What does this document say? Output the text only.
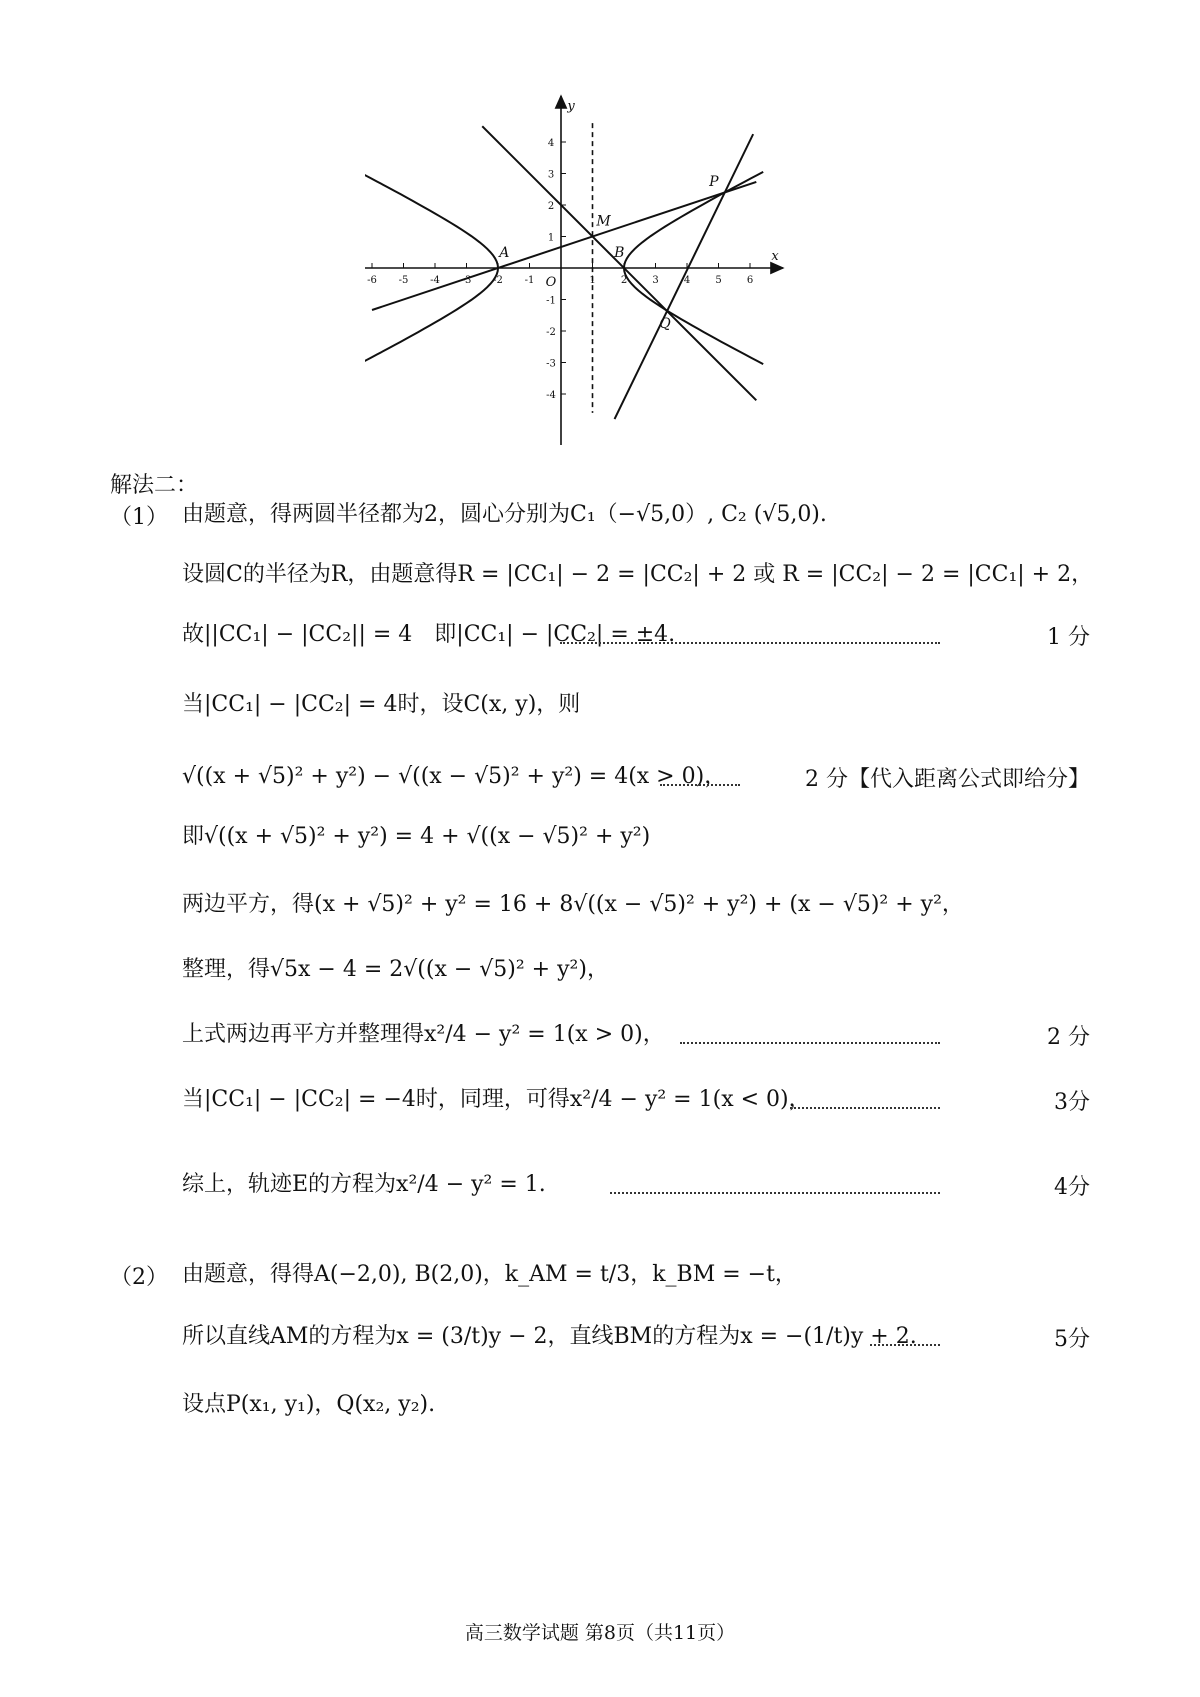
-6 -5 -4 -3 -2 -1	1	2	3	4	5	6
4
3
2
1
-1
-2
-3
-4
x
y
O
A	B
M
P
Q
解法二：
（1） 由题意，得两圆半径都为2，圆心分别为C₁（−√5,0）, C₂ (√5,0).
设圆C的半径为R，由题意得R = |CC₁| − 2 = |CC₂| + 2 或 R = |CC₂| − 2 = |CC₁| + 2，
故||CC₁| − |CC₂|| = 4　即|CC₁| − |CC₂| = ±4.	1 分
当|CC₁| − |CC₂| = 4时，设C(x, y)，则
√((x + √5)² + y²) − √((x − √5)² + y²) = 4(x > 0)，	2 分【代入距离公式即给分】
即√((x + √5)² + y²) = 4 + √((x − √5)² + y²)
两边平方，得(x + √5)² + y² = 16 + 8√((x − √5)² + y²) + (x − √5)² + y²，
整理，得√5x − 4 = 2√((x − √5)² + y²)，
上式两边再平方并整理得x²/4 − y² = 1(x > 0)，	2 分
当|CC₁| − |CC₂| = −4时，同理，可得x²/4 − y² = 1(x < 0)，	3分
综上，轨迹E的方程为x²/4 − y² = 1.	4分
（2） 由题意，得得A(−2,0), B(2,0)，k_AM = t/3，k_BM = −t，
所以直线AM的方程为x = (3/t)y − 2，直线BM的方程为x = −(1/t)y + 2.	5分
设点P(x₁, y₁)，Q(x₂, y₂).
高三数学试题 第8页（共11页）
